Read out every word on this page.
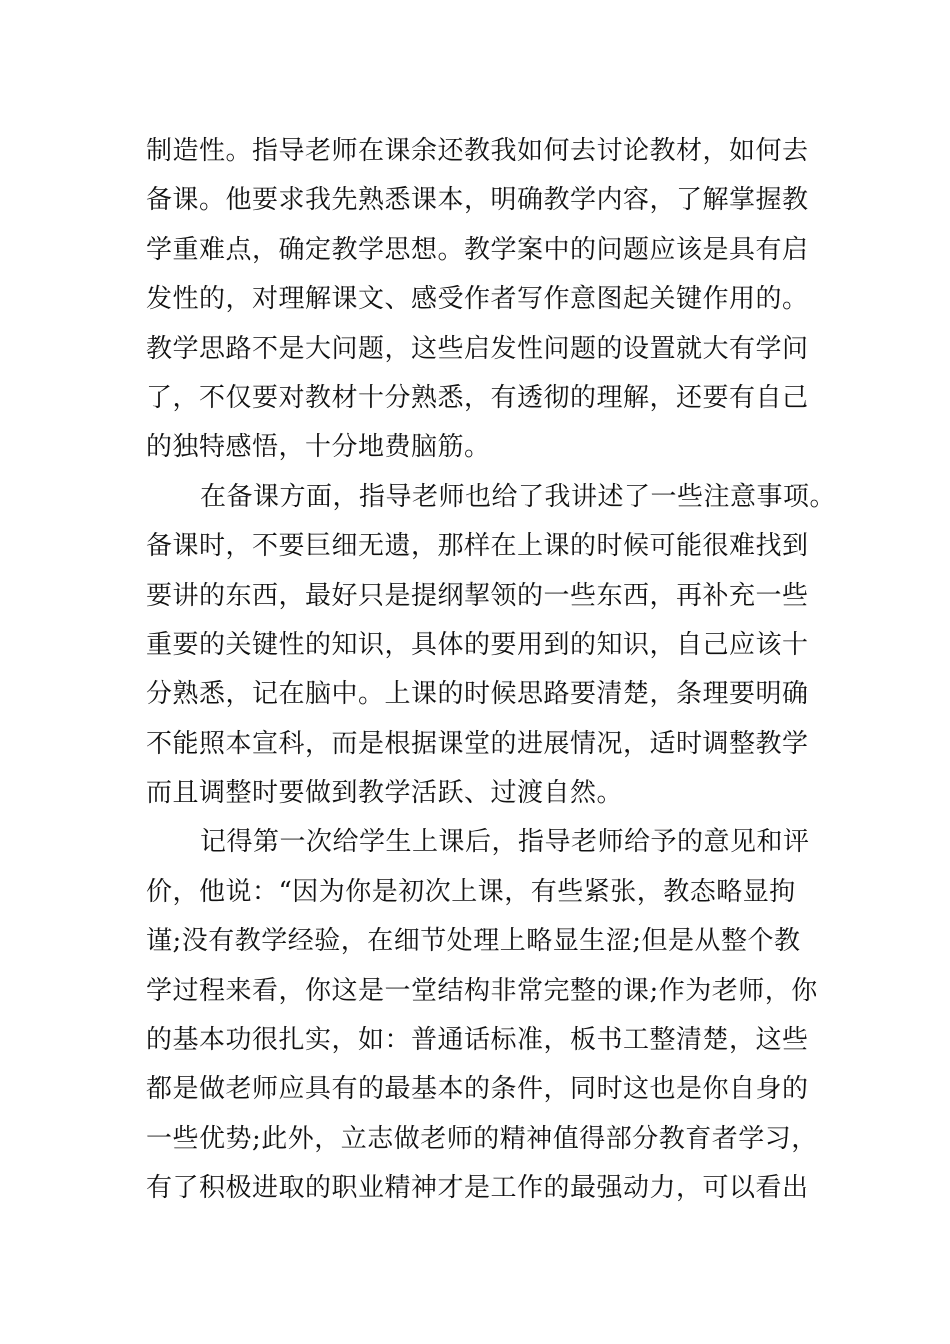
制造性。指导老师在课余还教我如何去讨论教材，如何去
备课。他要求我先熟悉课本，明确教学内容，了解掌握教
学重难点，确定教学思想。教学案中的问题应该是具有启
发性的，对理解课文、感受作者写作意图起关键作用的。
教学思路不是大问题，这些启发性问题的设置就大有学问
了，不仅要对教材十分熟悉，有透彻的理解，还要有自己
的独特感悟，十分地费脑筋。
在备课方面，指导老师也给了我讲述了一些注意事项。
备课时，不要巨细无遗，那样在上课的时候可能很难找到
要讲的东西，最好只是提纲挈领的一些东西，再补充一些
重要的关键性的知识，具体的要用到的知识，自己应该十
分熟悉，记在脑中。上课的时候思路要清楚，条理要明确
不能照本宣科，而是根据课堂的进展情况，适时调整教学
而且调整时要做到教学活跃、过渡自然。
记得第一次给学生上课后，指导老师给予的意见和评
价，他说：“因为你是初次上课，有些紧张，教态略显拘
谨;没有教学经验，在细节处理上略显生涩;但是从整个教
学过程来看，你这是一堂结构非常完整的课;作为老师，你
的基本功很扎实，如：普通话标准，板书工整清楚，这些
都是做老师应具有的最基本的条件，同时这也是你自身的
一些优势;此外，立志做老师的精神值得部分教育者学习，
有了积极进取的职业精神才是工作的最强动力，可以看出
